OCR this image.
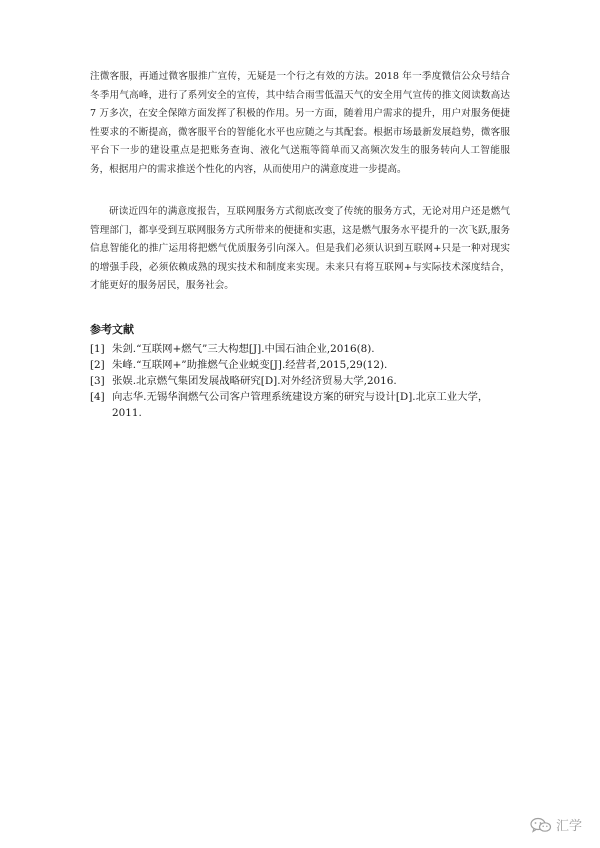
注微客服，再通过微客服推广宣传，无疑是一个行之有效的方法。2018 年一季度微信公众号结合冬季用气高峰，进行了系列安全的宣传，其中结合雨雪低温天气的安全用气宣传的推文阅读数高达 7 万多次，在安全保障方面发挥了积极的作用。另一方面，随着用户需求的提升，用户对服务便捷性要求的不断提高，微客服平台的智能化水平也应随之与其配套。根据市场最新发展趋势，微客服平台下一步的建设重点是把账务查询、液化气送瓶等简单而又高频次发生的服务转向人工智能服务，根据用户的需求推送个性化的内容，从而使用户的满意度进一步提高。

研读近四年的满意度报告，互联网服务方式彻底改变了传统的服务方式，无论对用户还是燃气管理部门，都享受到互联网服务方式所带来的便捷和实惠，这是燃气服务水平提升的一次飞跃,服务信息智能化的推广运用将把燃气优质服务引向深入。但是我们必须认识到互联网+只是一种对现实的增强手段，必须依赖成熟的现实技术和制度来实现。未来只有将互联网+与实际技术深度结合，才能更好的服务居民，服务社会。

参考文献
[1] 朱剑.“互联网+燃气”三大构想[J].中国石油企业,2016(8).
[2] 朱峰.“互联网+”助推燃气企业蜕变[J].经营者,2015,29(12).
[3] 张娱.北京燃气集团发展战略研究[D].对外经济贸易大学,2016.
[4] 向志华.无锡华润燃气公司客户管理系统建设方案的研究与设计[D].北京工业大学，2011.
汇学
